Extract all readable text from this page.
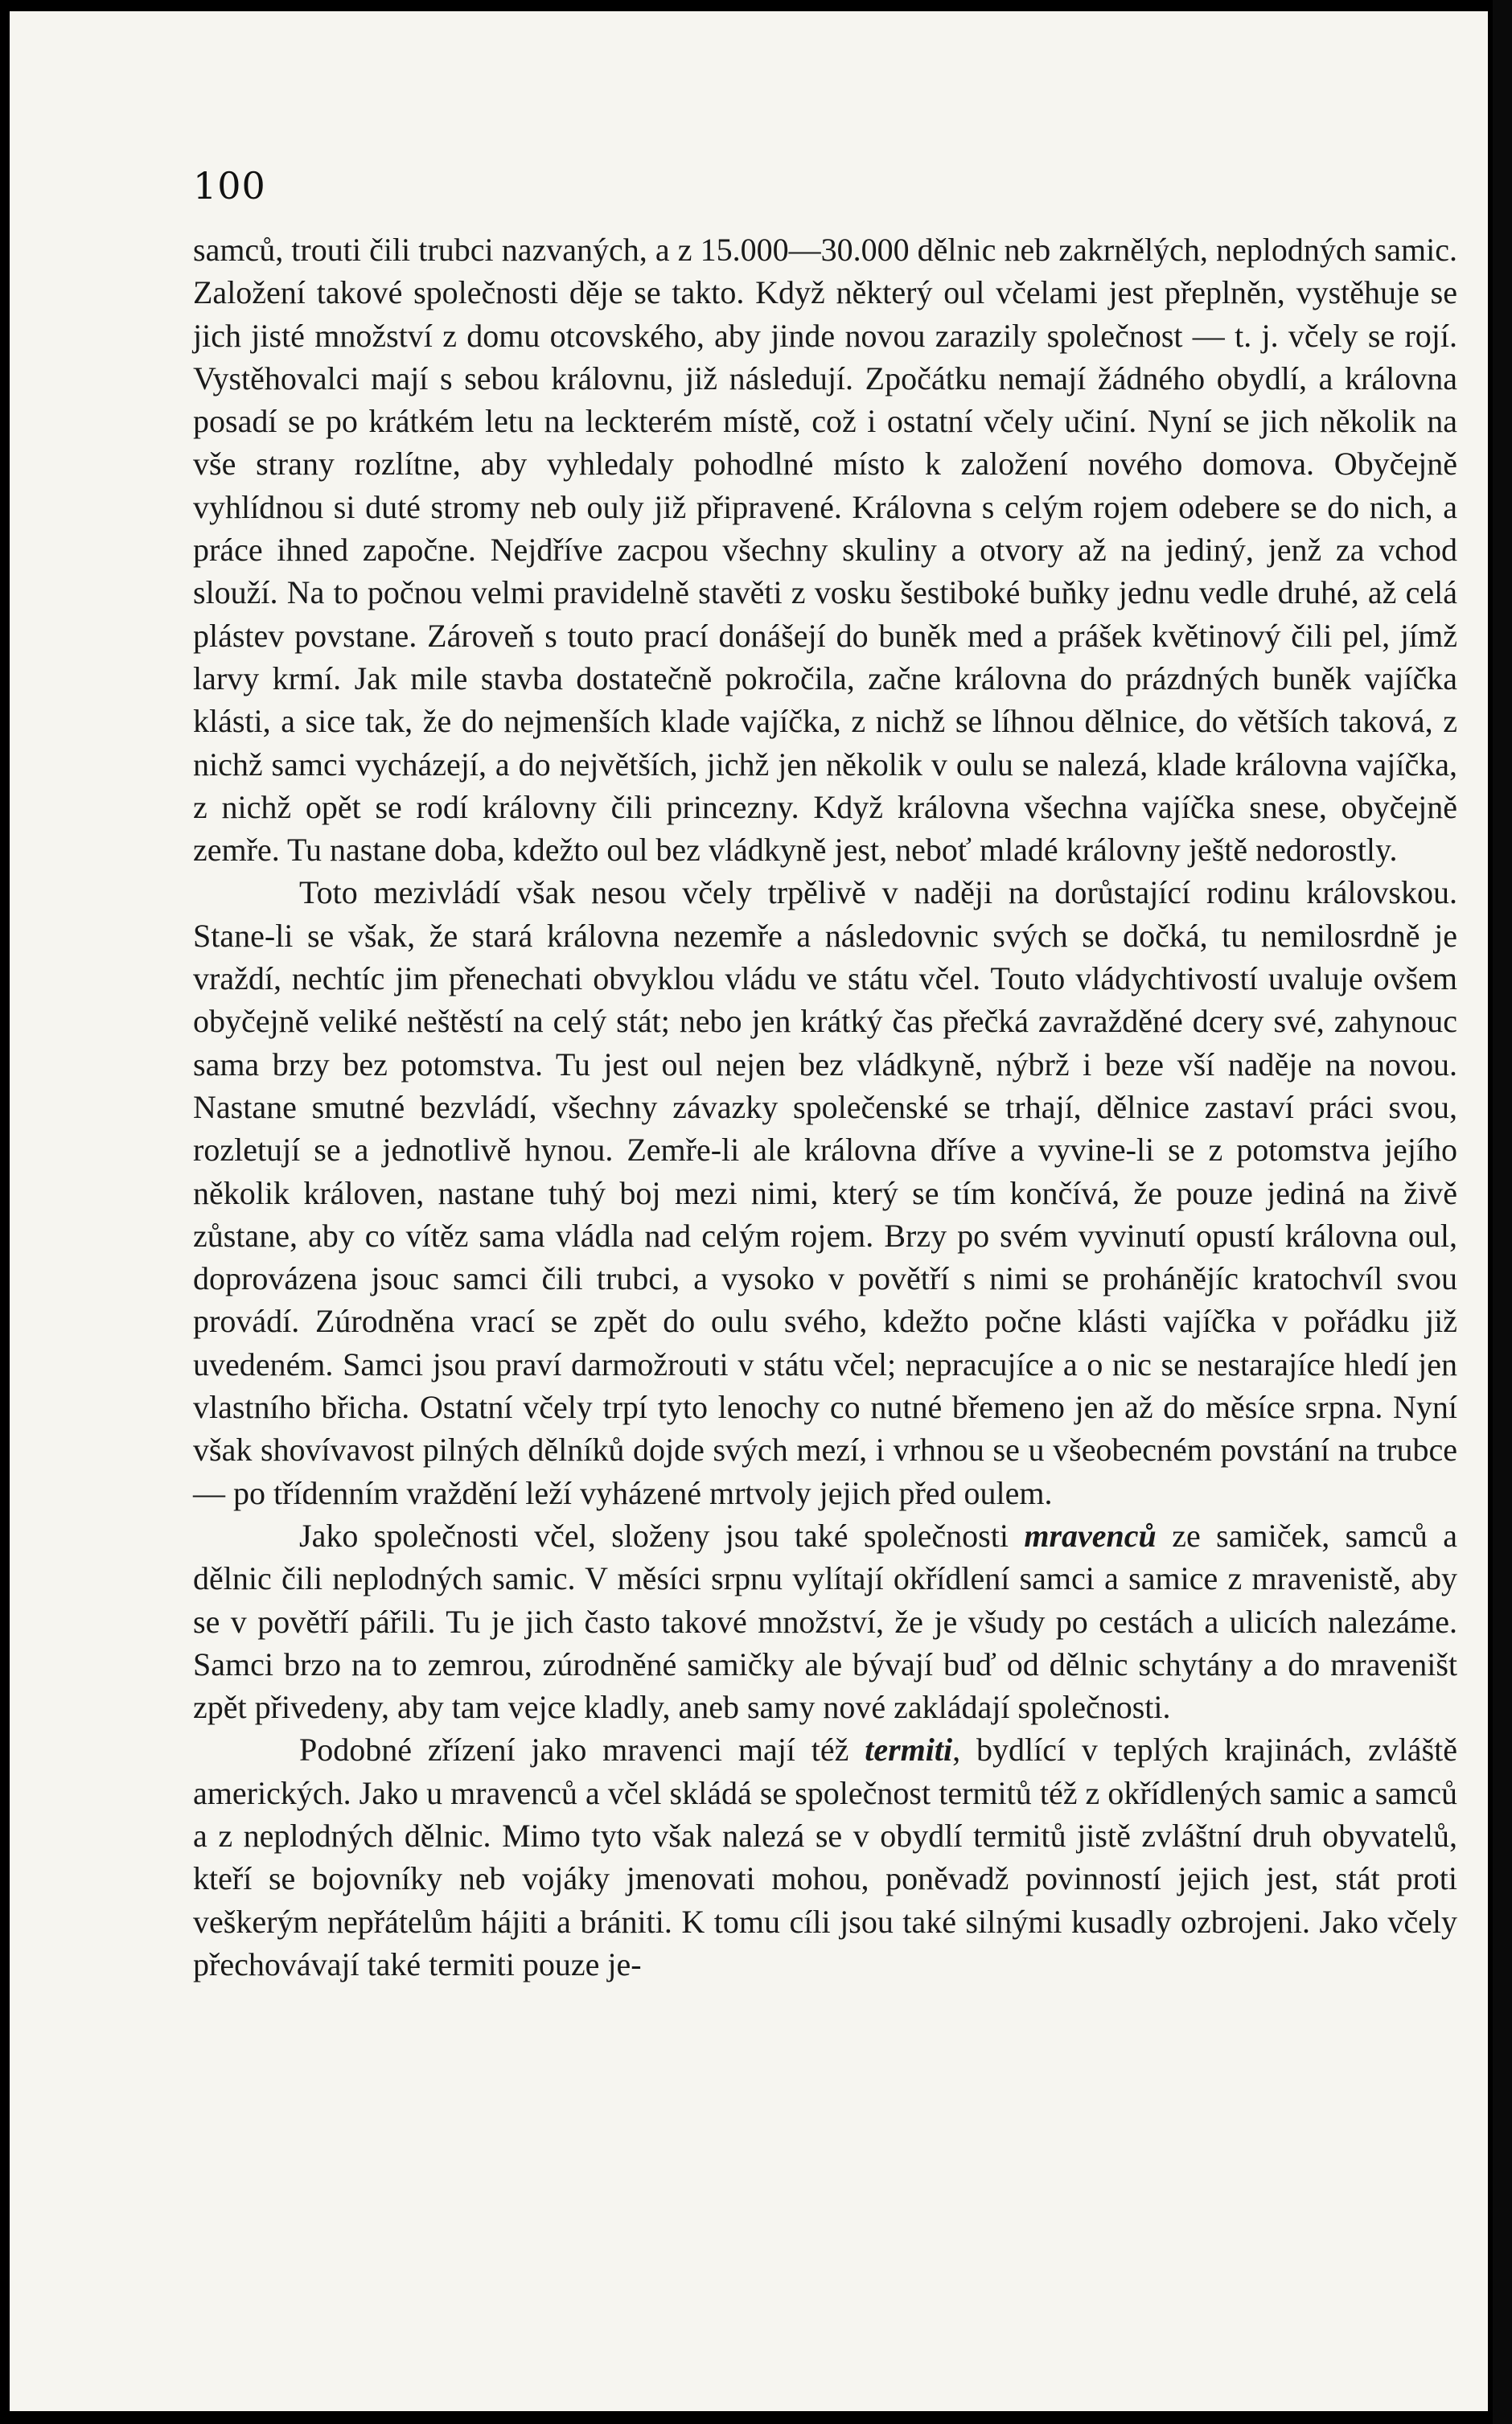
100

samců, trouti čili trubci nazvaných, a z 15.000—30.000 dělnic neb zakrnělých, neplodných samic. Založení takové společnosti děje se takto. Když některý oul včelami jest přeplněn, vystěhuje se jich jisté množství z domu otcovského, aby jinde novou zarazily společnost — t. j. včely se rojí. Vystěhovalci mají s sebou královnu, již následují. Zpočátku nemají žádného obydlí, a královna posadí se po krátkém letu na leckterém místě, což i ostatní včely učiní. Nyní se jich několik na vše strany rozlítne, aby vyhledaly pohodlné místo k založení nového domova. Obyčejně vyhlídnou si duté stromy neb ouly již připravené. Královna s celým rojem odebere se do nich, a práce ihned započne. Nejdříve zacpou všechny skuliny a otvory až na jediný, jenž za vchod slouží. Na to počnou velmi pravidelně stavěti z vosku šestiboké buňky jednu vedle druhé, až celá plástev povstane. Zároveň s touto prací donášejí do buněk med a prášek květinový čili pel, jímž larvy krmí. Jak mile stavba dostatečně pokročila, začne královna do prázdných buněk vajíčka klásti, a sice tak, že do nejmenších klade vajíčka, z nichž se líhnou dělnice, do větších taková, z nichž samci vycházejí, a do největších, jichž jen několik v oulu se nalezá, klade královna vajíčka, z nichž opět se rodí královny čili princezny. Když královna všechna vajíčka snese, obyčejně zemře. Tu nastane doba, kdežto oul bez vládkyně jest, neboť mladé královny ještě nedorostly.

Toto mezivládí však nesou včely trpělivě v naději na dorůstající rodinu královskou. Stane-li se však, že stará královna nezemře a následovnic svých se dočká, tu nemilosrdně je vraždí, nechtíc jim přenechati obvyklou vládu ve státu včel. Touto vládychtivostí uvaluje ovšem obyčejně veliké neštěstí na celý stát; nebo jen krátký čas přečká zavražděné dcery své, zahynouc sama brzy bez potomstva. Tu jest oul nejen bez vládkyně, nýbrž i beze vší naděje na novou. Nastane smutné bezvládí, všechny závazky společenské se trhají, dělnice zastaví práci svou, rozletují se a jednotlivě hynou. Zemře-li ale královna dříve a vyvine-li se z potomstva jejího několik královen, nastane tuhý boj mezi nimi, který se tím končívá, že pouze jediná na živě zůstane, aby co vítěz sama vládla nad celým rojem. Brzy po svém vyvinutí opustí královna oul, doprovázena jsouc samci čili trubci, a vysoko v povětří s nimi se proháněјíc kratochvíl svou provádí. Zúrodněna vrací se zpět do oulu svého, kdežto počne klásti vajíčka v pořádku již uvedeném. Samci jsou praví darmožrouti v státu včel; nepracujíce a o nic se nestarajíce hledí jen vlastního břicha. Ostatní včely trpí tyto lenochy co nutné břemeno jen až do měsíce srpna. Nyní však shovívavost pilných dělníků dojde svých mezí, i vrhnou se u všeobecném povstání na trubce — po třídenním vraždění leží vyházené mrtvoly jejich před oulem.

Jako společnosti včel, složeny jsou také společnosti mravenců ze samiček, samců a dělnic čili neplodných samic. V měsíci srpnu vylítají okřídlení samci a samice z mravenistě, aby se v povětří pářili. Tu je jich často takové množství, že je všudy po cestách a ulicích nalezáme. Samci brzo na to zemrou, zúrodněné samičky ale bývají buď od dělnic schytány a do mraveništ zpět přivedeny, aby tam vejce kladly, aneb samy nové zakládají společnosti.

Podobné zřízení jako mravenci mají též termiti, bydlící v teplých krajinách, zvláště amerických. Jako u mravenců a včel skládá se společnost termitů též z okřídlených samic a samců a z neplodných dělnic. Mimo tyto však nalezá se v obydlí termitů jistě zvláštní druh obyvatelů, kteří se bojovníky neb vojáky jmenovati mohou, poněvadž povinností jejich jest, stát proti veškerým nepřátelům hájiti a brániti. K tomu cíli jsou také silnými kusadly ozbrojeni. Jako včely přechovávají také termiti pouze je-
